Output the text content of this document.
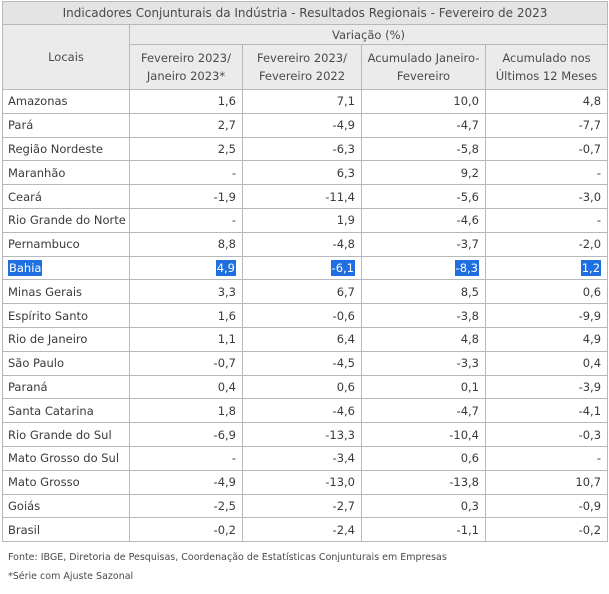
Indicadores Conjunturais da Indústria - Resultados Regionais - Fevereiro de 2023				
Locais	Variação (%)			
	Fevereiro 2023/ Janeiro 2023*	Fevereiro 2023/ Fevereiro 2022	Acumulado Janeiro-Fevereiro	Acumulado nos Últimos 12 Meses
Amazonas	1,6	7,1	10,0	4,8
Pará	2,7	-4,9	-4,7	-7,7
Região Nordeste	2,5	-6,3	-5,8	-0,7
Maranhão	-	6,3	9,2	-
Ceará	-1,9	-11,4	-5,6	-3,0
Rio Grande do Norte	-	1,9	-4,6	-
Pernambuco	8,8	-4,8	-3,7	-2,0
Bahia	4,9	-6,1	-8,3	1,2
Minas Gerais	3,3	6,7	8,5	0,6
Espírito Santo	1,6	-0,6	-3,8	-9,9
Rio de Janeiro	1,1	6,4	4,8	4,9
São Paulo	-0,7	-4,5	-3,3	0,4
Paraná	0,4	0,6	0,1	-3,9
Santa Catarina	1,8	-4,6	-4,7	-4,1
Rio Grande do Sul	-6,9	-13,3	-10,4	-0,3
Mato Grosso do Sul	-	-3,4	0,6	-
Mato Grosso	-4,9	-13,0	-13,8	10,7
Goiás	-2,5	-2,7	0,3	-0,9
Brasil	-0,2	-2,4	-1,1	-0,2
Fonte: IBGE, Diretoria de Pesquisas, Coordenação de Estatísticas Conjunturais em Empresas
*Série com Ajuste Sazonal
